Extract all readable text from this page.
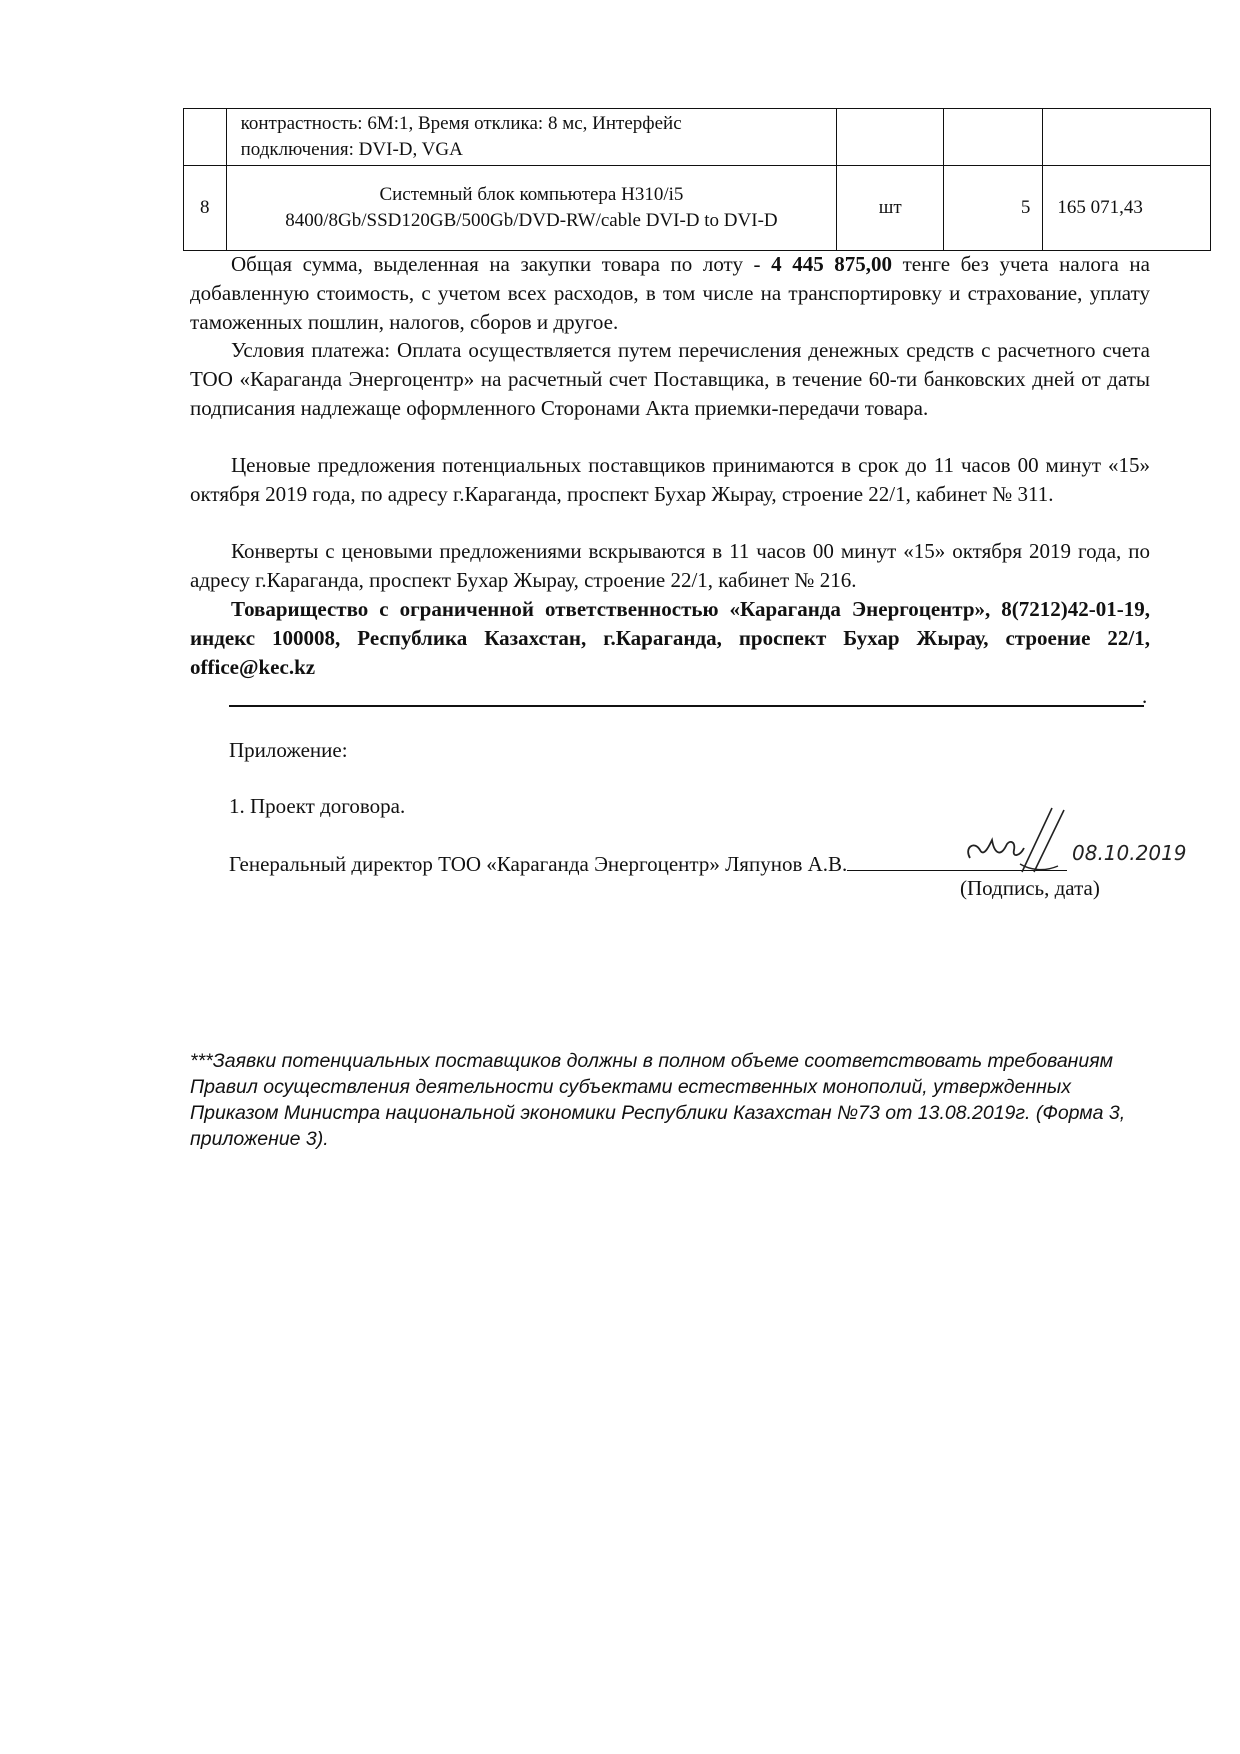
	контрастность: 6М:1, Время отклика: 8 мс, Интерфейс
подключения: DVI-D, VGA			
8	Системный блок компьютера H310/i5
8400/8Gb/SSD120GB/500Gb/DVD-RW/cable DVI-D to DVI-D	шт	5	165 071,43

Общая сумма, выделенная на закупки товара по лоту - 4 445 875,00 тенге без учета налога на добавленную стоимость, с учетом всех расходов, в том числе на транспортировку и страхование, уплату таможенных пошлин, налогов, сборов и другое.

Условия платежа: Оплата осуществляется путем перечисления денежных средств с расчетного счета ТОО «Караганда Энергоцентр» на расчетный счет Поставщика, в течение 60-ти банковских дней от даты подписания надлежаще оформленного Сторонами Акта приемки-передачи товара.

Ценовые предложения потенциальных поставщиков принимаются в срок до 11 часов 00 минут «15» октября 2019 года, по адресу г.Караганда, проспект Бухар Жырау, строение 22/1, кабинет № 311.

Конверты с ценовыми предложениями вскрываются в 11 часов 00 минут «15» октября 2019 года, по адресу г.Караганда, проспект Бухар Жырау, строение 22/1, кабинет № 216.

Товарищество с ограниченной ответственностью «Караганда Энергоцентр», 8(7212)42-01-19, индекс 100008, Республика Казахстан, г.Караганда, проспект Бухар Жырау, строение 22/1, office@kec.kz

.

Приложение:

1. Проект договора.

Генеральный директор ТОО «Караганда Энергоцентр» Ляпунов А.В.	08.10.2019

(Подпись, дата)

***Заявки потенциальных поставщиков должны в полном объеме соответствовать требованиям Правил осуществления деятельности субъектами естественных монополий, утвержденных Приказом Министра национальной экономики Республики Казахстан №73 от 13.08.2019г. (Форма 3, приложение 3).
